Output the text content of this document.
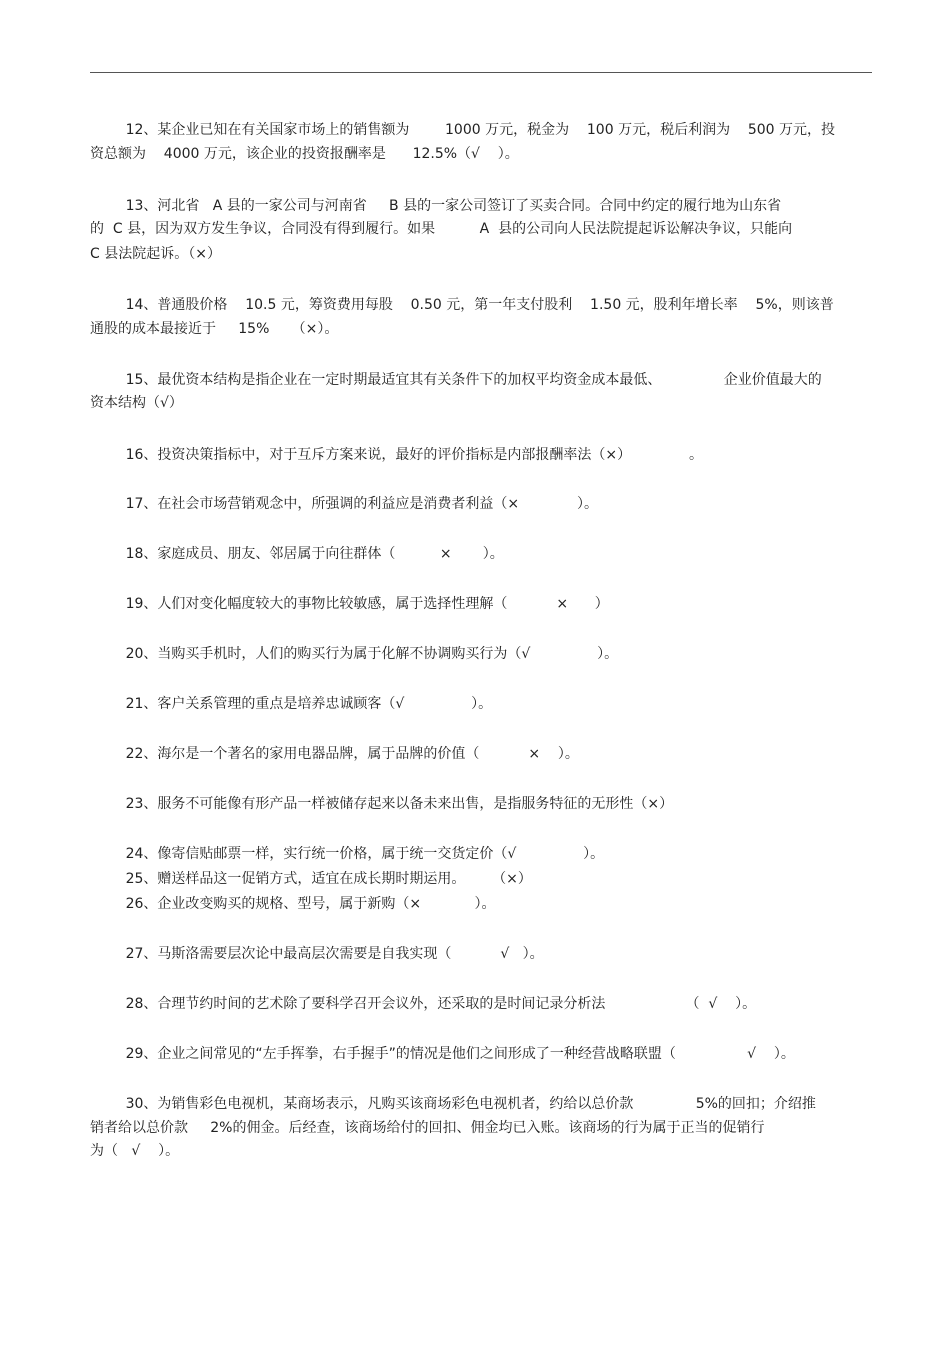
12、某企业已知在有关国家市场上的销售额为        1000 万元，税金为    100 万元，税后利润为    500 万元，投

资总额为    4000 万元，该企业的投资报酬率是      12.5%（√    ）。

13、河北省   A 县的一家公司与河南省     B 县的一家公司签订了买卖合同。合同中约定的履行地为山东省

的  C 县，因为双方发生争议，合同没有得到履行。如果          A  县的公司向人民法院提起诉讼解决争议，只能向

C 县法院起诉。（×）

14、普通股价格    10.5 元，筹资费用每股    0.50 元，第一年支付股利    1.50 元，股利年增长率    5%，则该普

通股的成本最接近于     15%     （×）。

15、最优资本结构是指企业在一定时期最适宜其有关条件下的加权平均资金成本最低、              企业价值最大的

资本结构（√）

16、投资决策指标中，对于互斥方案来说，最好的评价指标是内部报酬率法（×）             。

17、在社会市场营销观念中，所强调的利益应是消费者利益（×             ）。

18、家庭成员、朋友、邻居属于向往群体（          ×       ）。

19、人们对变化幅度较大的事物比较敏感，属于选择性理解（           ×      ）

20、当购买手机时，人们的购买行为属于化解不协调购买行为（√               ）。

21、客户关系管理的重点是培养忠诚顾客（√               ）。

22、海尔是一个著名的家用电器品牌，属于品牌的价值（           ×    ）。

23、服务不可能像有形产品一样被储存起来以备未来出售，是指服务特征的无形性（×）

24、像寄信贴邮票一样，实行统一价格，属于统一交货定价（√               ）。

25、赠送样品这一促销方式，适宜在成长期时期运用。      （×）

26、企业改变购买的规格、型号，属于新购（×            ）。

27、马斯洛需要层次论中最高层次需要是自我实现（           √   ）。

28、合理节约时间的艺术除了要科学召开会议外，还采取的是时间记录分析法                  （  √    ）。

29、企业之间常见的“左手挥拳，右手握手”的情况是他们之间形成了一种经营战略联盟（                √    ）。

30、为销售彩色电视机，某商场表示，凡购买该商场彩色电视机者，约给以总价款              5%的回扣；介绍推

销者给以总价款     2%的佣金。后经查，该商场给付的回扣、佣金均已入账。该商场的行为属于正当的促销行

为（   √    ）。
